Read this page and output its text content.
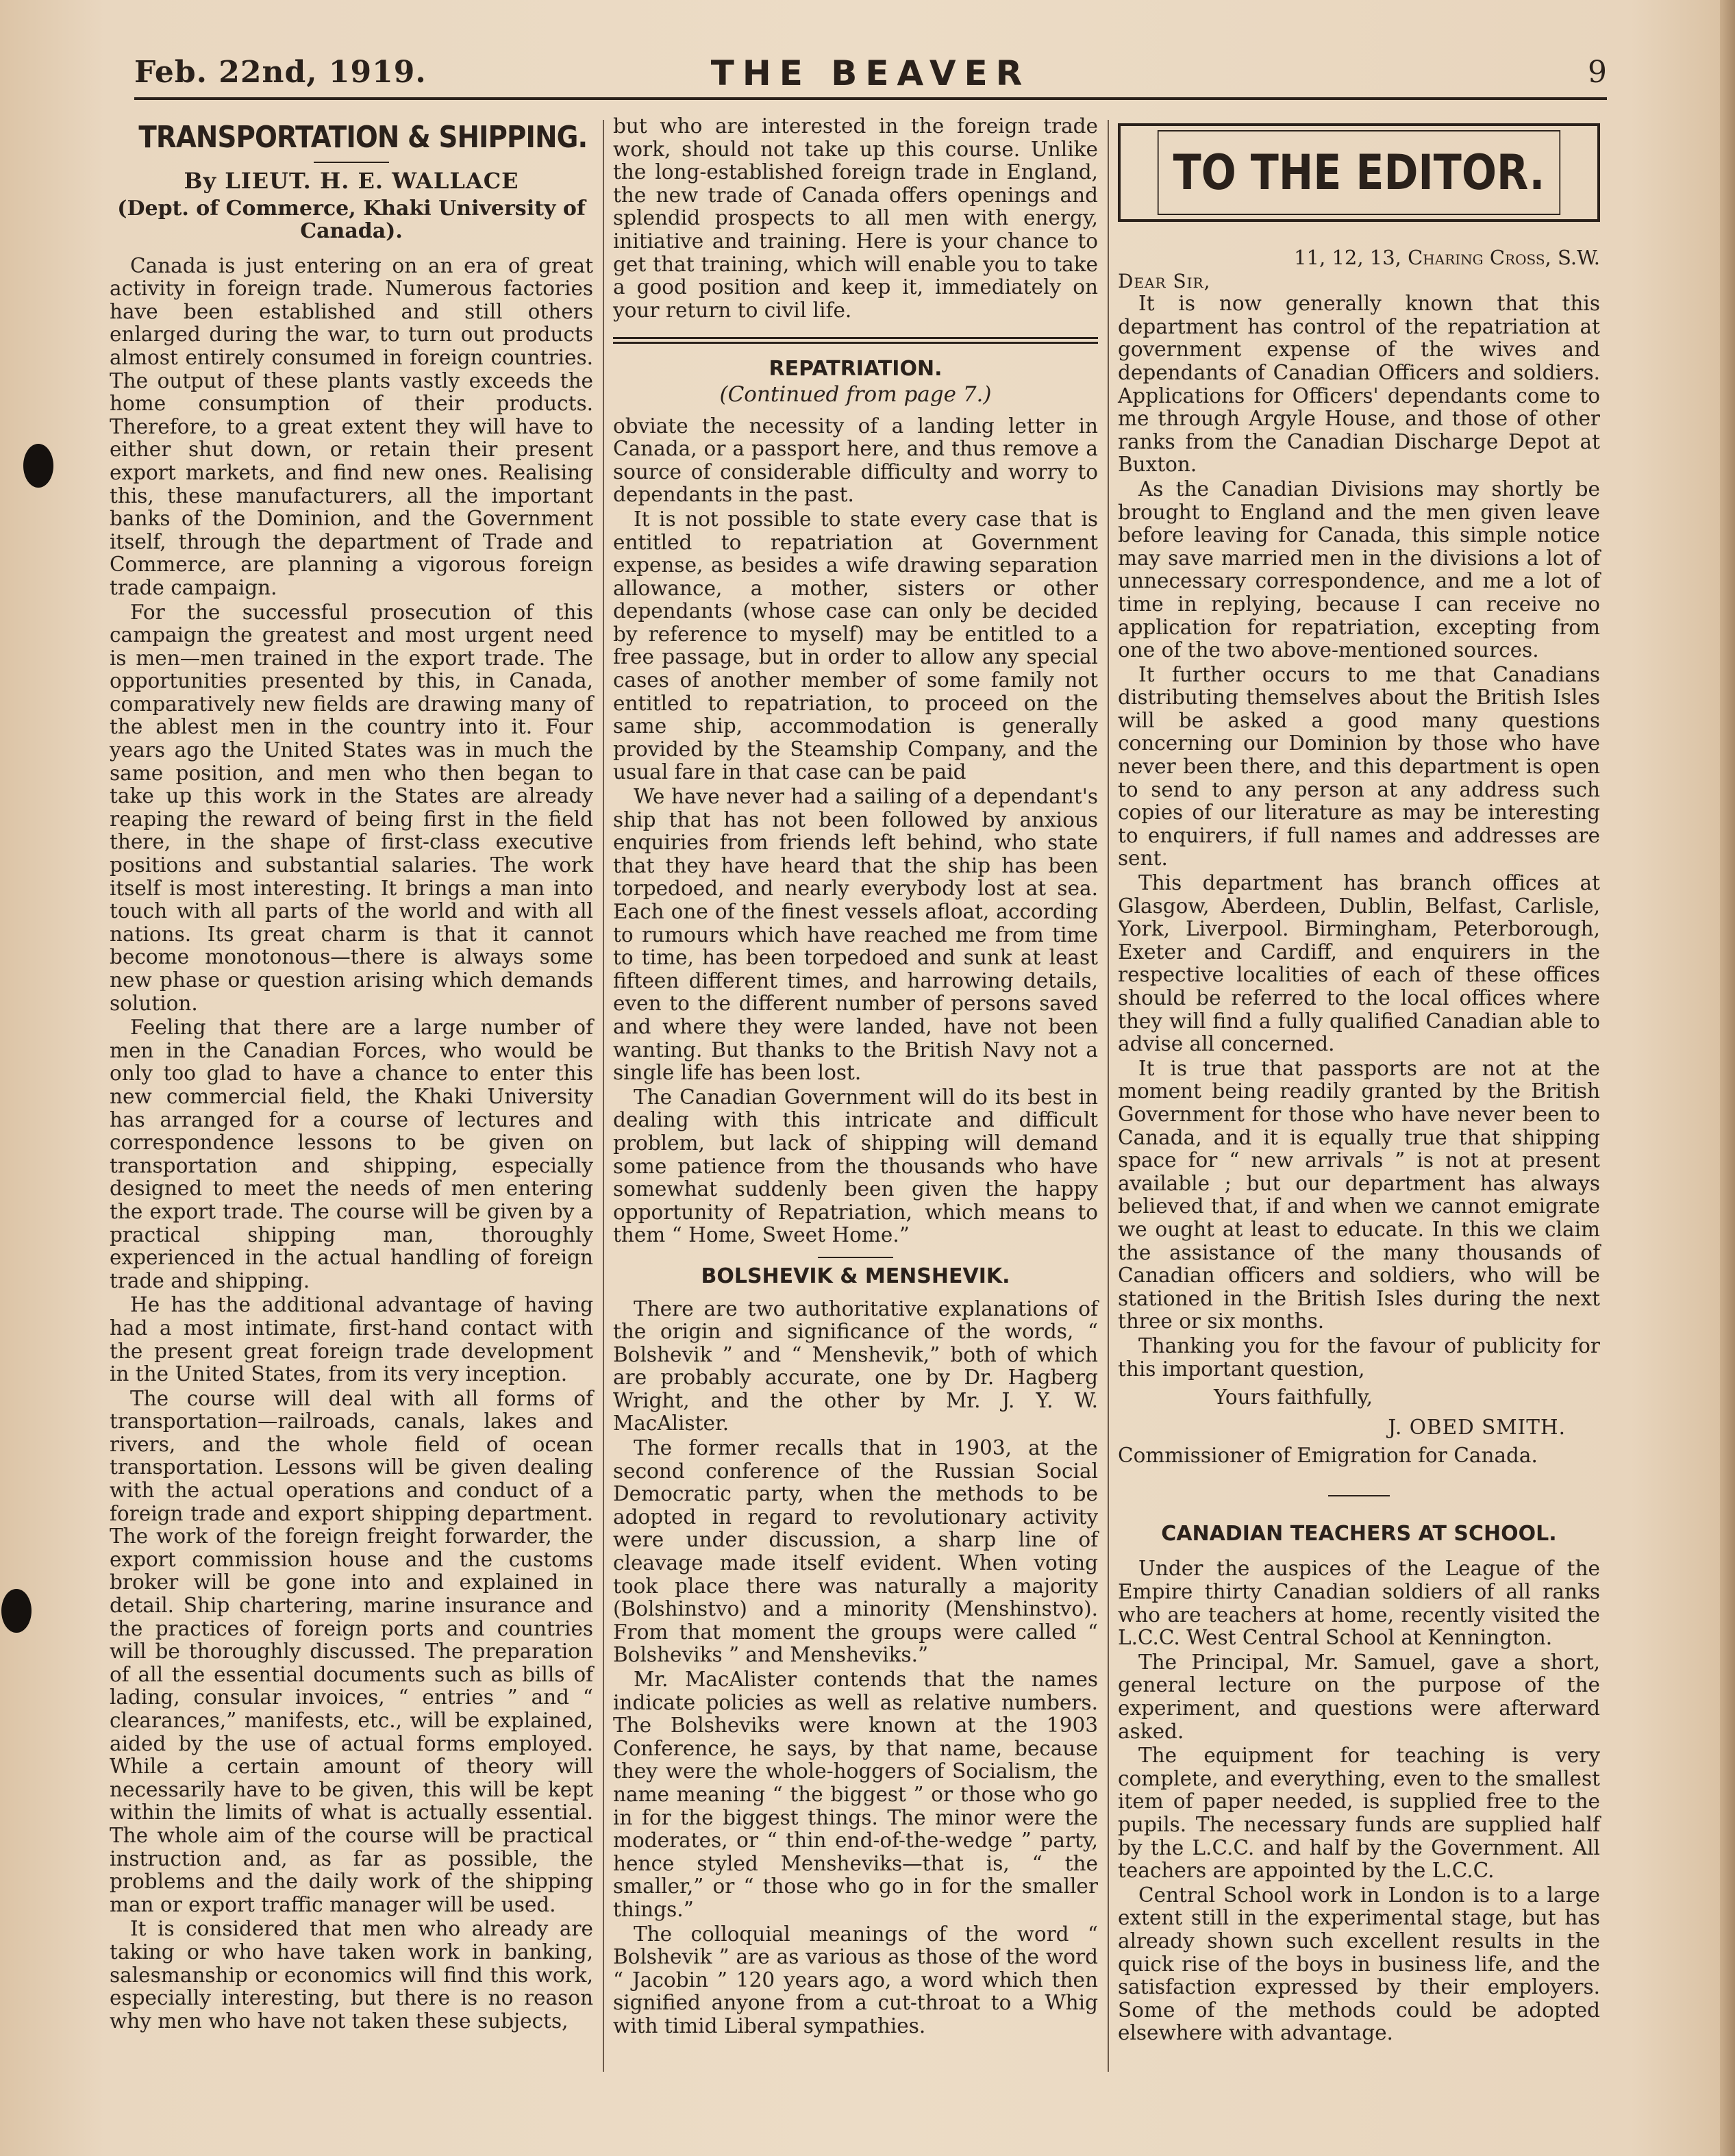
Feb. 22nd, 1919.	THE BEAVER	9
TRANSPORTATION & SHIPPING.
By LIEUT. H. E. WALLACE
(Dept. of Commerce, Khaki University of Canada).

Canada is just entering on an era of great activity in foreign trade. Numerous factories have been established and still others enlarged during the war, to turn out products almost entirely consumed in foreign countries. The output of these plants vastly exceeds the home consumption of their products. Therefore, to a great extent they will have to either shut down, or retain their present export markets, and find new ones. Realising this, these manufacturers, all the important banks of the Dominion, and the Government itself, through the department of Trade and Commerce, are planning a vigorous foreign trade campaign.

For the successful prosecution of this campaign the greatest and most urgent need is men—men trained in the export trade. The opportunities presented by this, in Canada, comparatively new fields are drawing many of the ablest men in the country into it. Four years ago the United States was in much the same position, and men who then began to take up this work in the States are already reaping the reward of being first in the field there, in the shape of first-class executive positions and substantial salaries. The work itself is most interesting. It brings a man into touch with all parts of the world and with all nations. Its great charm is that it cannot become monotonous—there is always some new phase or question arising which demands solution.

Feeling that there are a large number of men in the Canadian Forces, who would be only too glad to have a chance to enter this new commercial field, the Khaki University has arranged for a course of lectures and correspondence lessons to be given on transportation and shipping, especially designed to meet the needs of men entering the export trade. The course will be given by a practical shipping man, thoroughly experienced in the actual handling of foreign trade and shipping.

He has the additional advantage of having had a most intimate, first-hand contact with the present great foreign trade development in the United States, from its very inception.

The course will deal with all forms of transportation—railroads, canals, lakes and rivers, and the whole field of ocean transportation. Lessons will be given dealing with the actual operations and conduct of a foreign trade and export shipping department. The work of the foreign freight forwarder, the export commission house and the customs broker will be gone into and explained in detail. Ship chartering, marine insurance and the practices of foreign ports and countries will be thoroughly discussed. The preparation of all the essential documents such as bills of lading, consular invoices, “ entries ” and “ clearances,” manifests, etc., will be explained, aided by the use of actual forms employed. While a certain amount of theory will necessarily have to be given, this will be kept within the limits of what is actually essential. The whole aim of the course will be practical instruction and, as far as possible, the problems and the daily work of the shipping man or export traffic manager will be used.

It is considered that men who already are taking or who have taken work in banking, salesmanship or economics will find this work, especially interesting, but there is no reason why men who have not taken these subjects,

but who are interested in the foreign trade work, should not take up this course. Unlike the long-established foreign trade in England, the new trade of Canada offers openings and splendid prospects to all men with energy, initiative and training. Here is your chance to get that training, which will enable you to take a good position and keep it, immediately on your return to civil life.

REPATRIATION.
(Continued from page 7.)

obviate the necessity of a landing letter in Canada, or a passport here, and thus remove a source of considerable difficulty and worry to dependants in the past.

It is not possible to state every case that is entitled to repatriation at Government expense, as besides a wife drawing separation allowance, a mother, sisters or other dependants (whose case can only be decided by reference to myself) may be entitled to a free passage, but in order to allow any special cases of another member of some family not entitled to repatriation, to proceed on the same ship, accommodation is generally provided by the Steamship Company, and the usual fare in that case can be paid

We have never had a sailing of a dependant's ship that has not been followed by anxious enquiries from friends left behind, who state that they have heard that the ship has been torpedoed, and nearly everybody lost at sea. Each one of the finest vessels afloat, according to rumours which have reached me from time to time, has been torpedoed and sunk at least fifteen different times, and harrowing details, even to the different number of persons saved and where they were landed, have not been wanting. But thanks to the British Navy not a single life has been lost.

The Canadian Government will do its best in dealing with this intricate and difficult problem, but lack of shipping will demand some patience from the thousands who have somewhat suddenly been given the happy opportunity of Repatriation, which means to them “ Home, Sweet Home.”

BOLSHEVIK & MENSHEVIK.

There are two authoritative explanations of the origin and significance of the words, “ Bolshevik ” and “ Menshevik,” both of which are probably accurate, one by Dr. Hagberg Wright, and the other by Mr. J. Y. W. MacAlister.

The former recalls that in 1903, at the second conference of the Russian Social Democratic party, when the methods to be adopted in regard to revolutionary activity were under discussion, a sharp line of cleavage made itself evident. When voting took place there was naturally a majority (Bolshinstvo) and a minority (Menshinstvo). From that moment the groups were called “ Bolsheviks ” and Mensheviks.”

Mr. MacAlister contends that the names indicate policies as well as relative numbers. The Bolsheviks were known at the 1903 Conference, he says, by that name, because they were the whole-hoggers of Socialism, the name meaning “ the biggest ” or those who go in for the biggest things. The minor were the moderates, or “ thin end-of-the-wedge ” party, hence styled Mensheviks—that is, “ the smaller,” or “ those who go in for the smaller things.”

The colloquial meanings of the word “ Bolshevik ” are as various as those of the word “ Jacobin ” 120 years ago, a word which then signified anyone from a cut-throat to a Whig with timid Liberal sympathies.

TO THE EDITOR.
11, 12, 13, Charing Cross, S.W.
Dear Sir,

It is now generally known that this department has control of the repatriation at government expense of the wives and dependants of Canadian Officers and soldiers. Applications for Officers' dependants come to me through Argyle House, and those of other ranks from the Canadian Discharge Depot at Buxton.

As the Canadian Divisions may shortly be brought to England and the men given leave before leaving for Canada, this simple notice may save married men in the divisions a lot of unnecessary correspondence, and me a lot of time in replying, because I can receive no application for repatriation, excepting from one of the two above-mentioned sources.

It further occurs to me that Canadians distributing themselves about the British Isles will be asked a good many questions concerning our Dominion by those who have never been there, and this department is open to send to any person at any address such copies of our literature as may be interesting to enquirers, if full names and addresses are sent.

This department has branch offices at Glasgow, Aberdeen, Dublin, Belfast, Carlisle, York, Liverpool. Birmingham, Peterborough, Exeter and Cardiff, and enquirers in the respective localities of each of these offices should be referred to the local offices where they will find a fully qualified Canadian able to advise all concerned.

It is true that passports are not at the moment being readily granted by the British Government for those who have never been to Canada, and it is equally true that shipping space for “ new arrivals ” is not at present available ; but our department has always believed that, if and when we cannot emigrate we ought at least to educate. In this we claim the assistance of the many thousands of Canadian officers and soldiers, who will be stationed in the British Isles during the next three or six months.

Thanking you for the favour of publicity for this important question,

Yours faithfully,
J. OBED SMITH.
Commissioner of Emigration for Canada.
CANADIAN TEACHERS AT SCHOOL.

Under the auspices of the League of the Empire thirty Canadian soldiers of all ranks who are teachers at home, recently visited the L.C.C. West Central School at Kennington.

The Principal, Mr. Samuel, gave a short, general lecture on the purpose of the experiment, and questions were afterward asked.

The equipment for teaching is very complete, and everything, even to the smallest item of paper needed, is supplied free to the pupils. The necessary funds are supplied half by the L.C.C. and half by the Government. All teachers are appointed by the L.C.C.

Central School work in London is to a large extent still in the experimental stage, but has already shown such excellent results in the quick rise of the boys in business life, and the satisfaction expressed by their employers. Some of the methods could be adopted elsewhere with advantage.
